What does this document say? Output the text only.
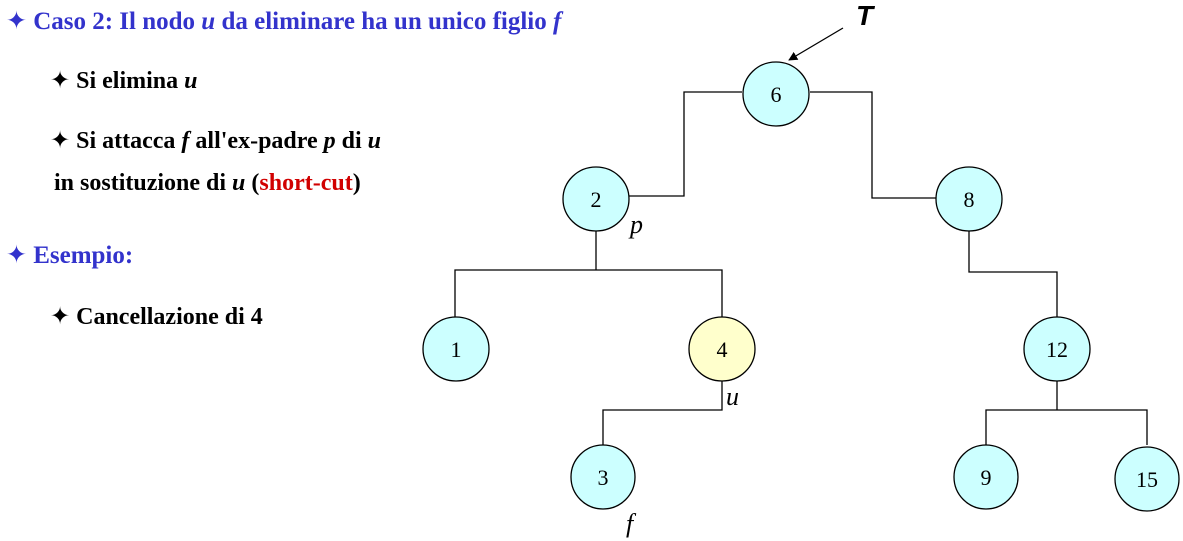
✦ Caso 2: Il nodo u da eliminare ha un unico figlio f
✦ Si elimina u
✦ Si attacca f all'ex-padre p di u
in sostituzione di u (short-cut)
✦ Esempio:
✦ Cancellazione di 4
6
2	8
1	4	12
3	9	15
T
p
u
f
